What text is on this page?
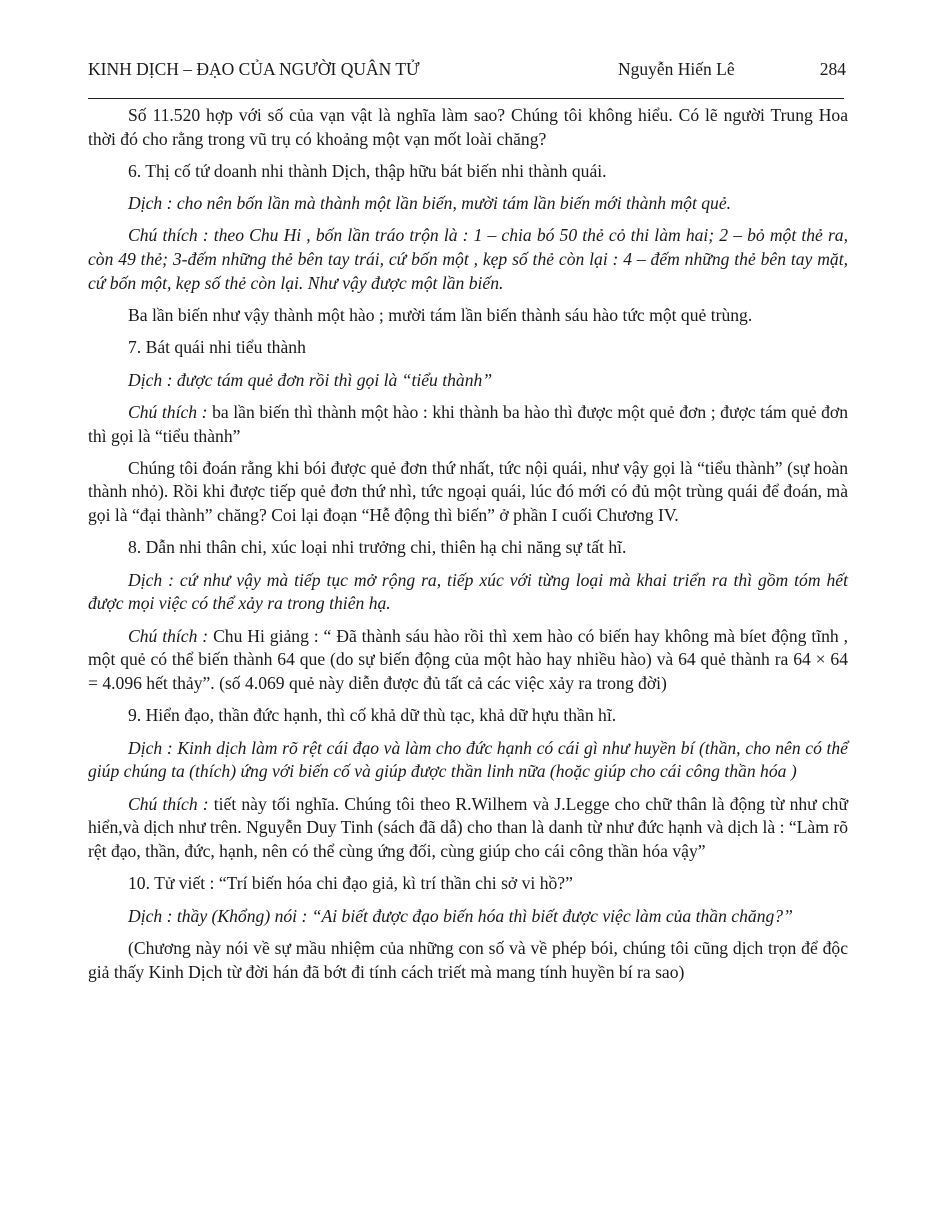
KINH DỊCH – ĐẠO CỦA NGƯỜI QUÂN TỬ	Nguyễn Hiến Lê	284

Số 11.520 hợp với số của vạn vật là nghĩa làm sao? Chúng tôi không hiểu. Có lẽ người Trung Hoa thời đó cho rằng trong vũ trụ có khoảng một vạn mốt loài chăng?

6. Thị cố tứ doanh nhi thành Dịch, thập hữu bát biến nhi thành quái.

Dịch : cho nên bốn lần mà thành một lần biến, mười tám lần biến mới thành một quẻ.

Chú thích : theo Chu Hi , bốn lần tráo trộn là : 1 – chia bó 50 thẻ cỏ thi làm hai; 2 – bỏ một thẻ ra, còn 49 thẻ; 3-đếm những thẻ bên tay trái, cứ bốn một , kẹp số thẻ còn lại : 4 – đếm những thẻ bên tay mặt, cứ bốn một, kẹp số thẻ còn lại. Như vậy được một lần biến.

Ba lần biến như vậy thành một hào ; mười tám lần biến thành sáu hào tức một quẻ trùng.

7. Bát quái nhi tiểu thành

Dịch : được tám quẻ đơn rồi thì gọi là “tiểu thành”

Chú thích : ba lần biến thì thành một hào : khi thành ba hào thì được một quẻ đơn ; được tám quẻ đơn thì gọi là “tiểu thành”

Chúng tôi đoán rằng khi bói được quẻ đơn thứ nhất, tức nội quái, như vậy gọi là “tiểu thành” (sự hoàn thành nhỏ). Rồi khi được tiếp quẻ đơn thứ nhì, tức ngoại quái, lúc đó mới có đủ một trùng quái để đoán, mà gọi là “đại thành” chăng? Coi lại đoạn “Hễ động thì biến” ở phần I cuối Chương IV.

8. Dẫn nhi thân chi, xúc loại nhi trưởng chi, thiên hạ chi năng sự tất hĩ.

Dịch : cứ như vậy mà tiếp tục mở rộng ra, tiếp xúc với từng loại mà khai triển ra thì gồm tóm hết được mọi việc có thể xảy ra trong thiên hạ.

Chú thích : Chu Hi giảng : “ Đã thành sáu hào rồi thì xem hào có biến hay không mà bíet động tĩnh , một quẻ có thể biến thành 64 que (do sự biến động của một hào hay nhiều hào) và 64 quẻ thành ra 64 × 64 = 4.096 hết thảy”. (số 4.069 quẻ này diễn được đủ tất cả các việc xảy ra trong đời)

9. Hiển đạo, thần đức hạnh, thì cố khả dữ thù tạc, khả dữ hựu thần hĩ.

Dịch : Kinh dịch làm rõ rệt cái đạo và làm cho đức hạnh có cái gì như huyền bí (thần, cho nên có thể giúp chúng ta (thích) ứng với biến cố và giúp được thần linh nữa (hoặc giúp cho cái công thần hóa )

Chú thích : tiết này tối nghĩa. Chúng tôi theo R.Wilhem và J.Legge cho chữ thân là động từ như chữ hiển,và dịch như trên. Nguyễn Duy Tinh (sách đã dẫ) cho than là danh từ như đức hạnh và dịch là : “Làm rõ rệt đạo, thần, đức, hạnh, nên có thể cùng ứng đối, cùng giúp cho cái công thần hóa vậy”

10. Tử viết : “Trí biến hóa chi đạo giả, kì trí thần chi sở vi hồ?”

Dịch : thầy (Khổng) nói : “Ai biết được đạo biến hóa thì biết được việc làm của thần chăng?”

(Chương này nói về sự mầu nhiệm của những con số và về phép bói, chúng tôi cũng dịch trọn để độc giả thấy Kinh Dịch từ đời hán đã bớt đi tính cách triết mà mang tính huyền bí ra sao)
